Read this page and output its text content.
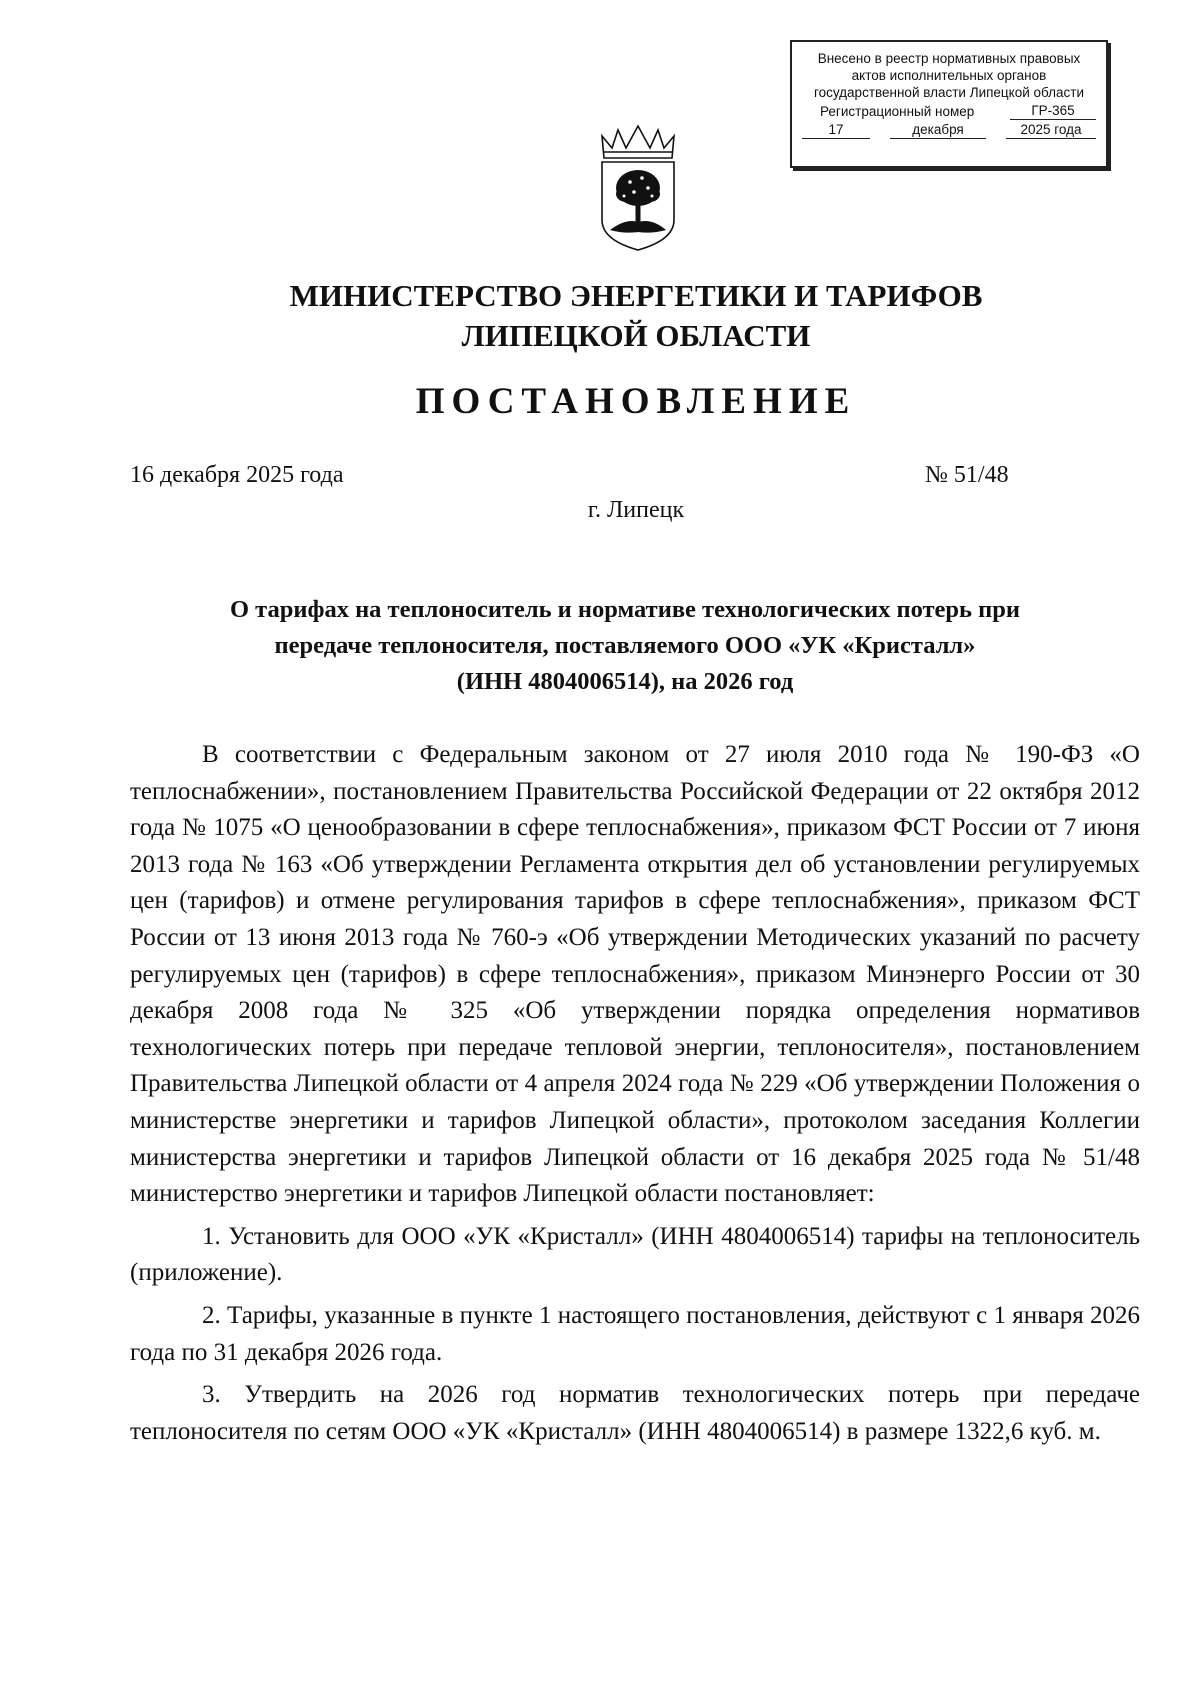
Внесено в реестр нормативных правовых
актов исполнительных органов
государственной власти Липецкой области
Регистрационный номер	ГР-365
17	декабря	2025 года
МИНИСТЕРСТВО ЭНЕРГЕТИКИ И ТАРИФОВ
ЛИПЕЦКОЙ ОБЛАСТИ
ПОСТАНОВЛЕНИЕ
16 декабря 2025 года	№ 51/48
г. Липецк
О тарифах на теплоноситель и нормативе технологических потерь при
передаче теплоносителя, поставляемого ООО «УК «Кристалл»
(ИНН 4804006514), на 2026 год

В соответствии с Федеральным законом от 27 июля 2010 года № 190-ФЗ «О теплоснабжении», постановлением Правительства Российской Федерации от 22 октября 2012 года № 1075 «О ценообразовании в сфере теплоснабжения», приказом ФСТ России от 7 июня 2013 года № 163 «Об утверждении Регламента открытия дел об установлении регулируемых цен (тарифов) и отмене регулирования тарифов в сфере теплоснабжения», приказом ФСТ России от 13 июня 2013 года № 760-э «Об утверждении Методических указаний по расчету регулируемых цен (тарифов) в сфере теплоснабжения», приказом Минэнерго России от 30 декабря 2008 года № 325 «Об утверждении порядка определения нормативов технологических потерь при передаче тепловой энергии, теплоносителя», постановлением Правительства Липецкой области от 4 апреля 2024 года № 229 «Об утверждении Положения о министерстве энергетики и тарифов Липецкой области», протоколом заседания Коллегии министерства энергетики и тарифов Липецкой области от 16 декабря 2025 года № 51/48 министерство энергетики и тарифов Липецкой области постановляет:

1. Установить для ООО «УК «Кристалл» (ИНН 4804006514) тарифы на теплоноситель (приложение).

2. Тарифы, указанные в пункте 1 настоящего постановления, действуют с 1 января 2026 года по 31 декабря 2026 года.

3. Утвердить на 2026 год норматив технологических потерь при передаче теплоносителя по сетям ООО «УК «Кристалл» (ИНН 4804006514) в размере 1322,6 куб. м.
